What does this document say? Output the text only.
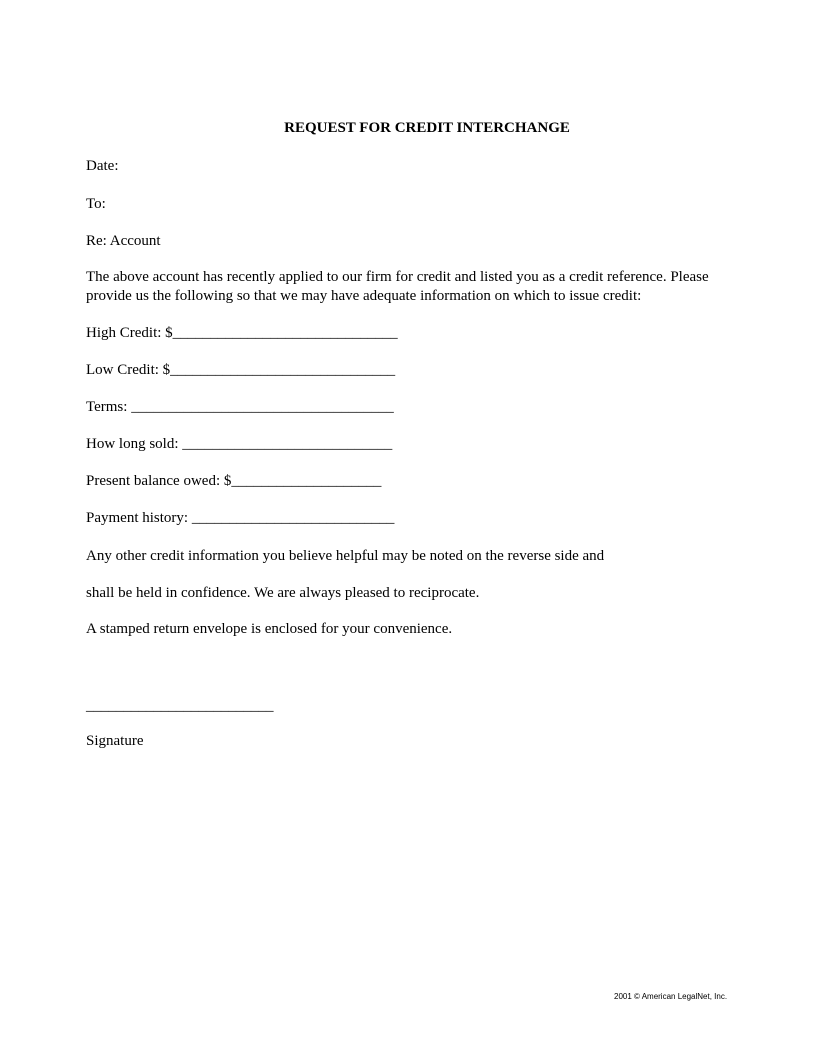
REQUEST FOR CREDIT INTERCHANGE
Date:
To:
Re: Account
The above account has recently applied to our firm for credit and listed you as a credit reference. Please provide us the following so that we may have adequate information on which to issue credit:
High Credit: $______________________________
Low Credit: $______________________________
Terms: ___________________________________
How long sold: ____________________________
Present balance owed: $____________________
Payment history: ___________________________
Any other credit information you believe helpful may be noted on the reverse side and
shall be held in confidence. We are always pleased to reciprocate.
A stamped return envelope is enclosed for your convenience.
_________________________
Signature
2001 © American LegalNet, Inc.
